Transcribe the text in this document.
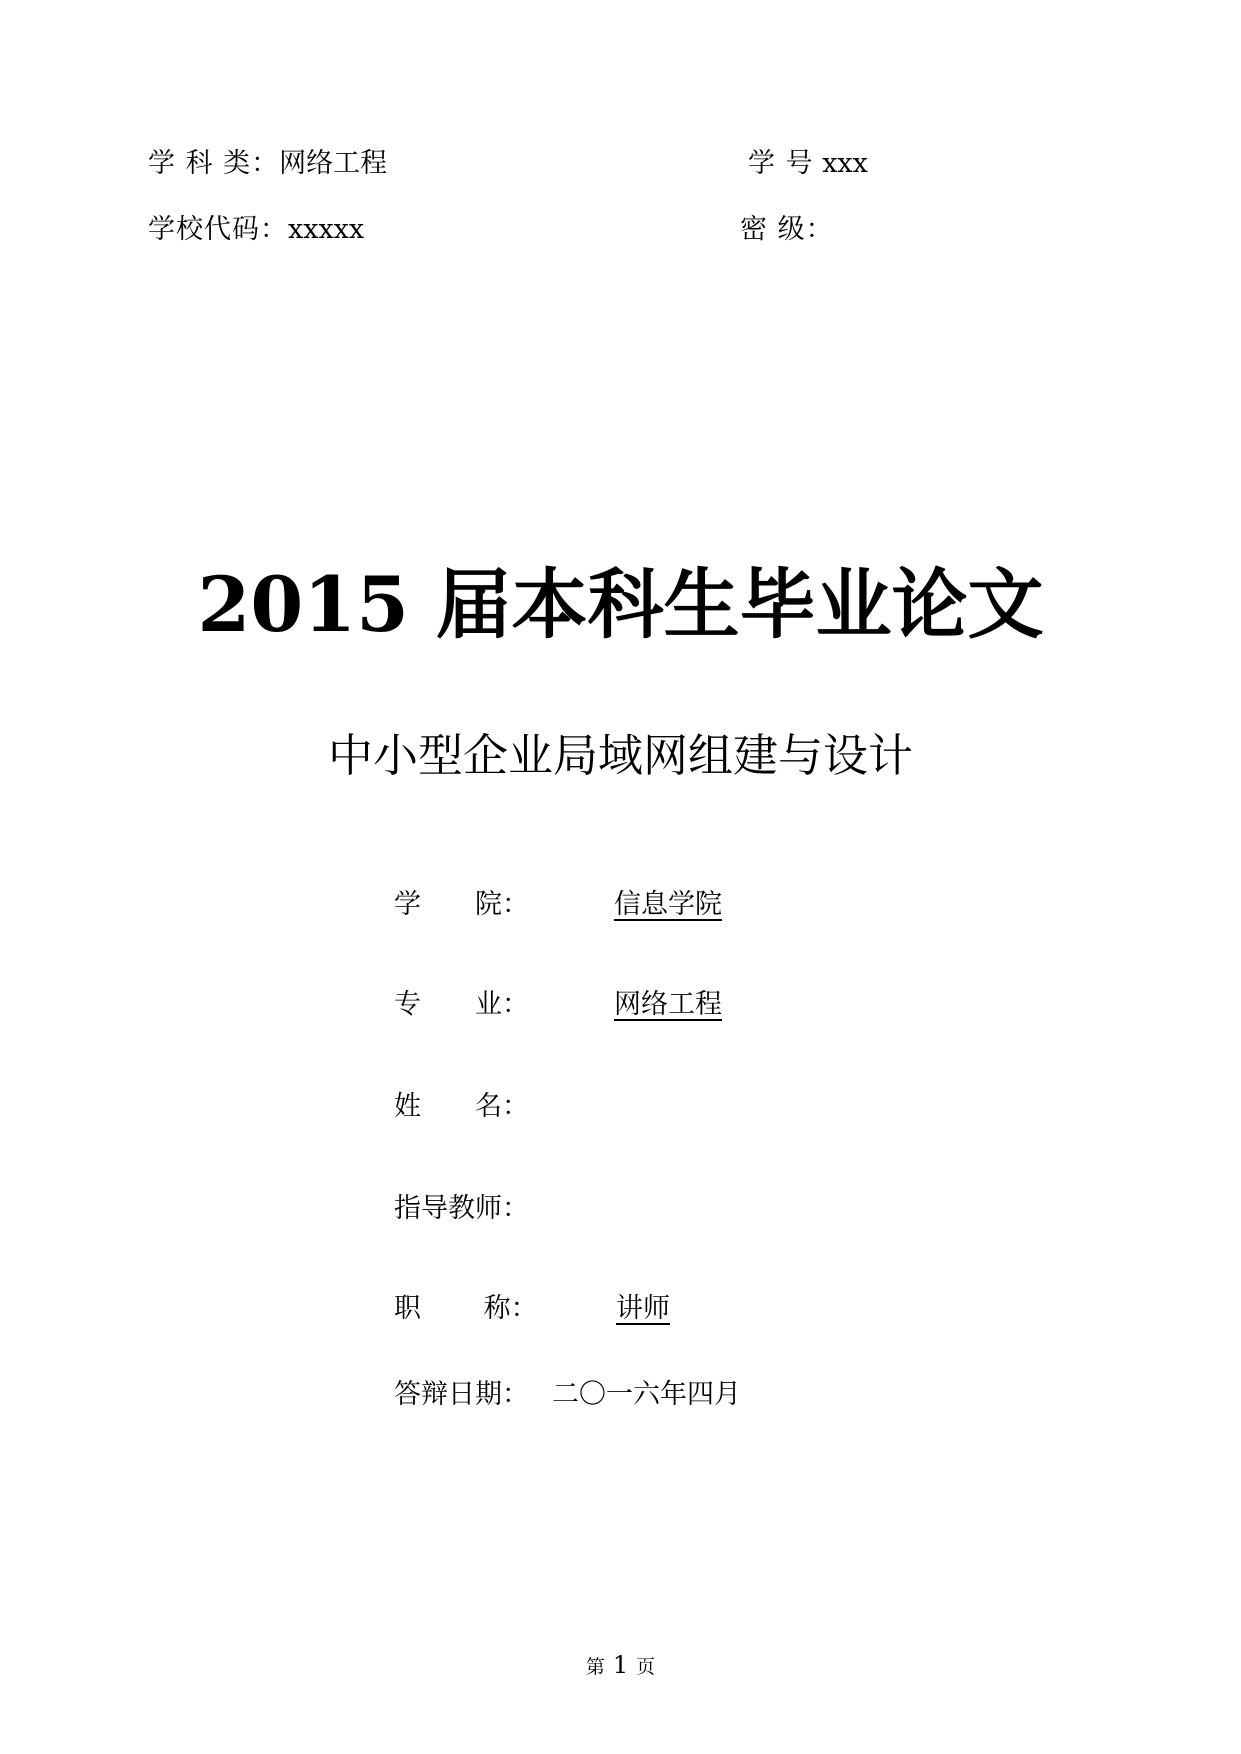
学 科 类：网络工程	学 号 xxx
学校代码：xxxxx	密 级：
2015 届本科生毕业论文
中小型企业局域网组建与设计
学　　院：	信息学院
专　　业：	网络工程
姓　　名：
指导教师：
职　　 称：	讲师
答辩日期： 二〇一六年四月
第 1 页
